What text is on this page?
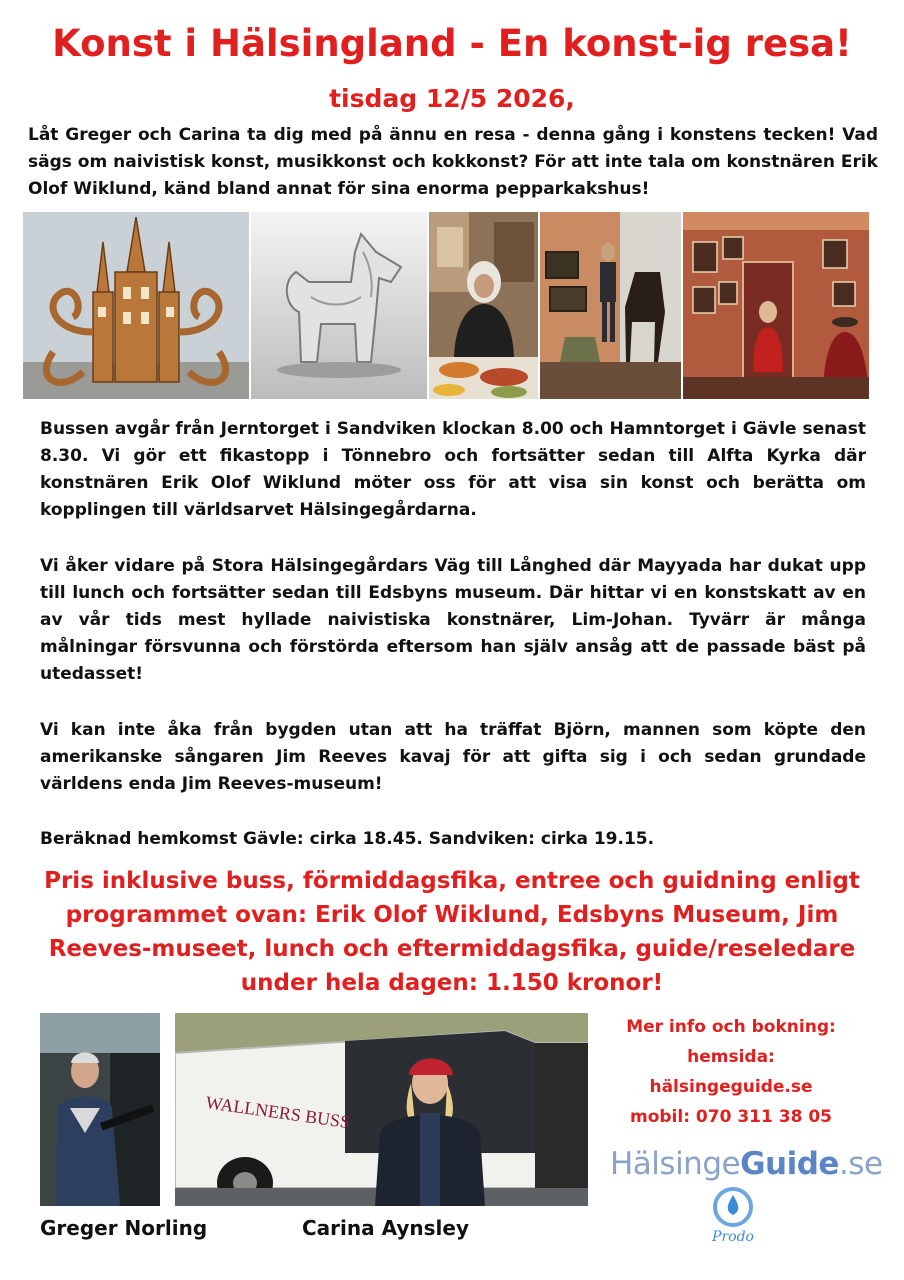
Konst i Hälsingland - En konst-ig resa!
tisdag 12/5 2026,
Låt Greger och Carina ta dig med på ännu en resa - denna gång i konstens tecken! Vad sägs om naivistisk konst, musikkonst och kokkonst? För att inte tala om konstnären Erik Olof Wiklund, känd bland annat för sina enorma pepparkakshus!
Bussen avgår från Jerntorget i Sandviken klockan 8.00 och Hamntorget i Gävle senast 8.30. Vi gör ett fikastopp i Tönnebro och fortsätter sedan till Alfta Kyrka där konstnären Erik Olof Wiklund möter oss för att visa sin konst och berätta om kopplingen till världsarvet Hälsingegårdarna.
Vi åker vidare på Stora Hälsingegårdars Väg till Långhed där Mayyada har dukat upp till lunch och fortsätter sedan till Edsbyns museum. Där hittar vi en konstskatt av en av vår tids mest hyllade naivistiska konstnärer, Lim-Johan. Tyvärr är många målningar försvunna och förstörda eftersom han själv ansåg att de passade bäst på utedasset!
Vi kan inte åka från bygden utan att ha träffat Björn, mannen som köpte den amerikanske sångaren Jim Reeves kavaj för att gifta sig i och sedan grundade världens enda Jim Reeves-museum!
Beräknad hemkomst Gävle: cirka 18.45. Sandviken: cirka 19.15.
Pris inklusive buss, förmiddagsfika, entree och guidning enligt programmet ovan: Erik Olof Wiklund, Edsbyns Museum, Jim Reeves-museet, lunch och eftermiddagsfika, guide/reseledare under hela dagen: 1.150 kronor!
WALLNERS BUSS
Greger Norling	Carina Aynsley
Mer info och bokning:
hemsida:
hälsingeguide.se
mobil: 070 311 38 05
HälsingeGuide.se
Prodo
